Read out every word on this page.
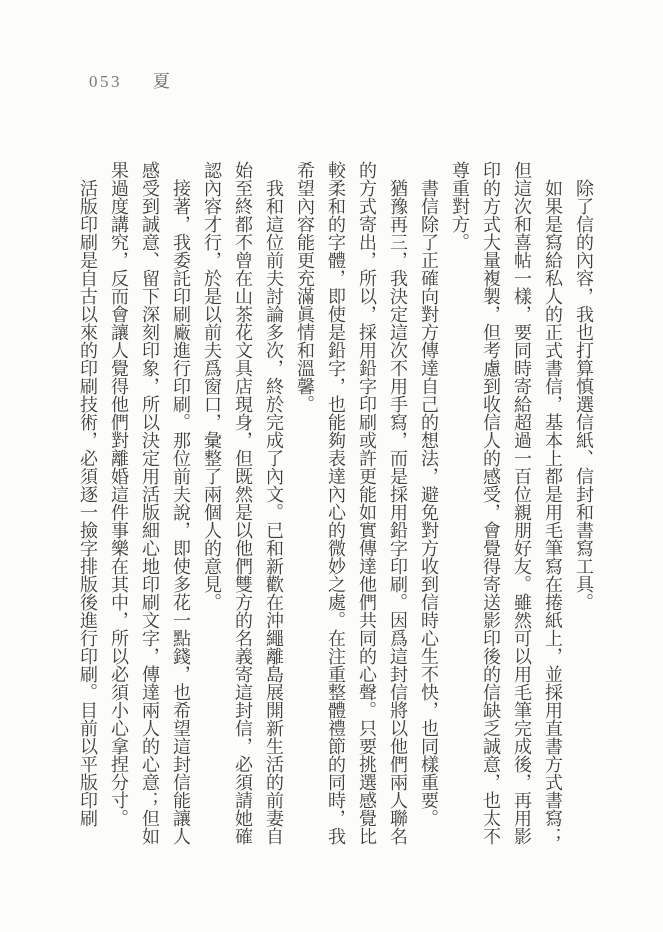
053 夏

除了信的內容，我也打算慎選信紙、信封和書寫工具。

如果是寫給私人的正式書信，基本上都是用毛筆寫在捲紙上，並採用直書方式書寫；但這次和喜帖一樣，要同時寄給超過一百位親朋好友。雖然可以用毛筆完成後，再用影印的方式大量複製，但考慮到收信人的感受，會覺得寄送影印後的信缺乏誠意，也太不尊重對方。

書信除了正確向對方傳達自己的想法，避免對方收到信時心生不快，也同樣重要。

猶豫再三，我決定這次不用手寫，而是採用鉛字印刷。因爲這封信將以他們兩人聯名的方式寄出，所以，採用鉛字印刷或許更能如實傳達他們共同的心聲。只要挑選感覺比較柔和的字體，即使是鉛字，也能夠表達內心的微妙之處。在注重整體禮節的同時，我希望內容能更充滿眞情和溫馨。

我和這位前夫討論多次，終於完成了內文。已和新歡在沖繩離島展開新生活的前妻自始至終都不曾在山茶花文具店現身，但既然是以他們雙方的名義寄這封信，必須請她確認內容才行，於是以前夫爲窗口，彙整了兩個人的意見。

接著，我委託印刷廠進行印刷。那位前夫說，即使多花一點錢，也希望這封信能讓人感受到誠意、留下深刻印象，所以決定用活版細心地印刷文字，傳達兩人的心意；但如果過度講究，反而會讓人覺得他們對離婚這件事樂在其中，所以必須小心拿捏分寸。

活版印刷是自古以來的印刷技術，必須逐一撿字排版後進行印刷。目前以平版印刷
